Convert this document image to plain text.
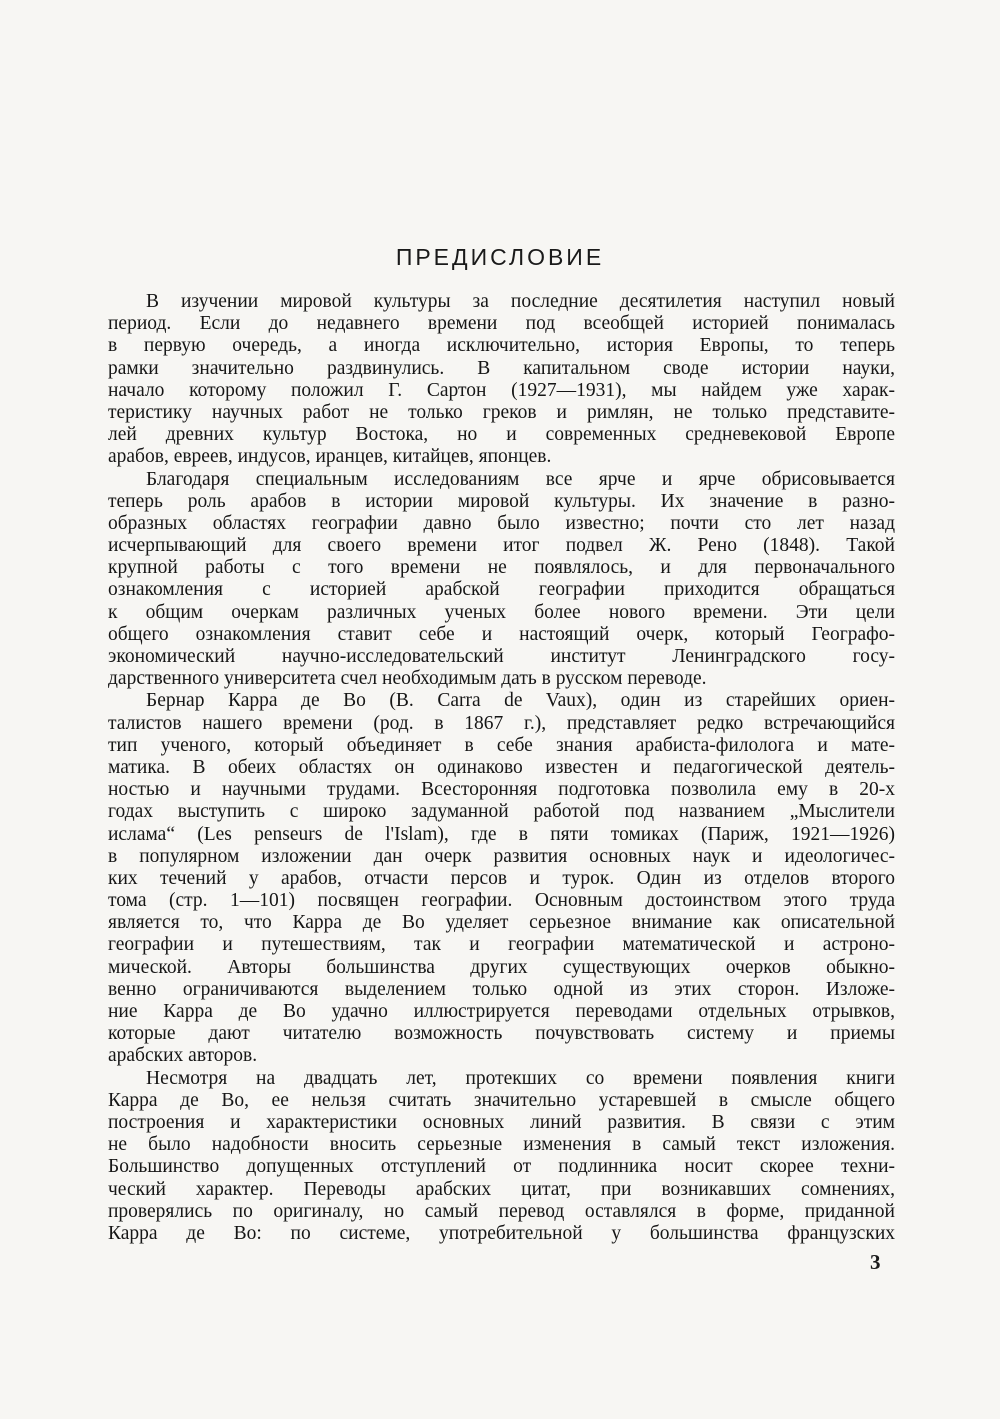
ПРЕДИСЛОВИЕ
В изучении мировой культуры за последние десятилетия наступил новый
период. Если до недавнего времени под всеобщей историей понималась
в первую очередь, а иногда исключительно, история Европы, то теперь
рамки значительно раздвинулись. В капитальном своде истории науки,
начало которому положил Г. Сартон (1927—1931), мы найдем уже харак-
теристику научных работ не только греков и римлян, не только представите-
лей древних культур Востока, но и современных средневековой Европе
арабов, евреев, индусов, иранцев, китайцев, японцев.
Благодаря специальным исследованиям все ярче и ярче обрисовывается
теперь роль арабов в истории мировой культуры. Их значение в разно-
образных областях географии давно было известно; почти сто лет назад
исчерпывающий для своего времени итог подвел Ж. Рено (1848). Такой
крупной работы с того времени не появлялось, и для первоначального
ознакомления с историей арабской географии приходится обращаться
к общим очеркам различных ученых более нового времени. Эти цели
общего ознакомления ставит себе и настоящий очерк, который Географо-
экономический научно-исследовательский институт Ленинградского госу-
дарственного университета счел необходимым дать в русском переводе.
Бернар Карра де Во (B. Carra de Vaux), один из старейших ориен-
талистов нашего времени (род. в 1867 г.), представляет редко встречающийся
тип ученого, который объединяет в себе знания арабиста-филолога и мате-
матика. В обеих областях он одинаково известен и педагогической деятель-
ностью и научными трудами. Всесторонняя подготовка позволила ему в 20-х
годах выступить с широко задуманной работой под названием „Мыслители
ислама“ (Les penseurs de l'Islam), где в пяти томиках (Париж, 1921—1926)
в популярном изложении дан очерк развития основных наук и идеологичес-
ких течений у арабов, отчасти персов и турок. Один из отделов второго
тома (стр. 1—101) посвящен географии. Основным достоинством этого труда
является то, что Карра де Во уделяет серьезное внимание как описательной
географии и путешествиям, так и географии математической и астроно-
мической. Авторы большинства других существующих очерков обыкно-
венно ограничиваются выделением только одной из этих сторон. Изложе-
ние Карра де Во удачно иллюстрируется переводами отдельных отрывков,
которые дают читателю возможность почувствовать систему и приемы
арабских авторов.
Несмотря на двадцать лет, протекших со времени появления книги
Карра де Во, ее нельзя считать значительно устаревшей в смысле общего
построения и характеристики основных линий развития. В связи с этим
не было надобности вносить серьезные изменения в самый текст изложения.
Большинство допущенных отступлений от подлинника носит скорее техни-
ческий характер. Переводы арабских цитат, при возникавших сомнениях,
проверялись по оригиналу, но самый перевод оставлялся в форме, приданной
Карра де Во: по системе, употребительной у большинства французских
3
